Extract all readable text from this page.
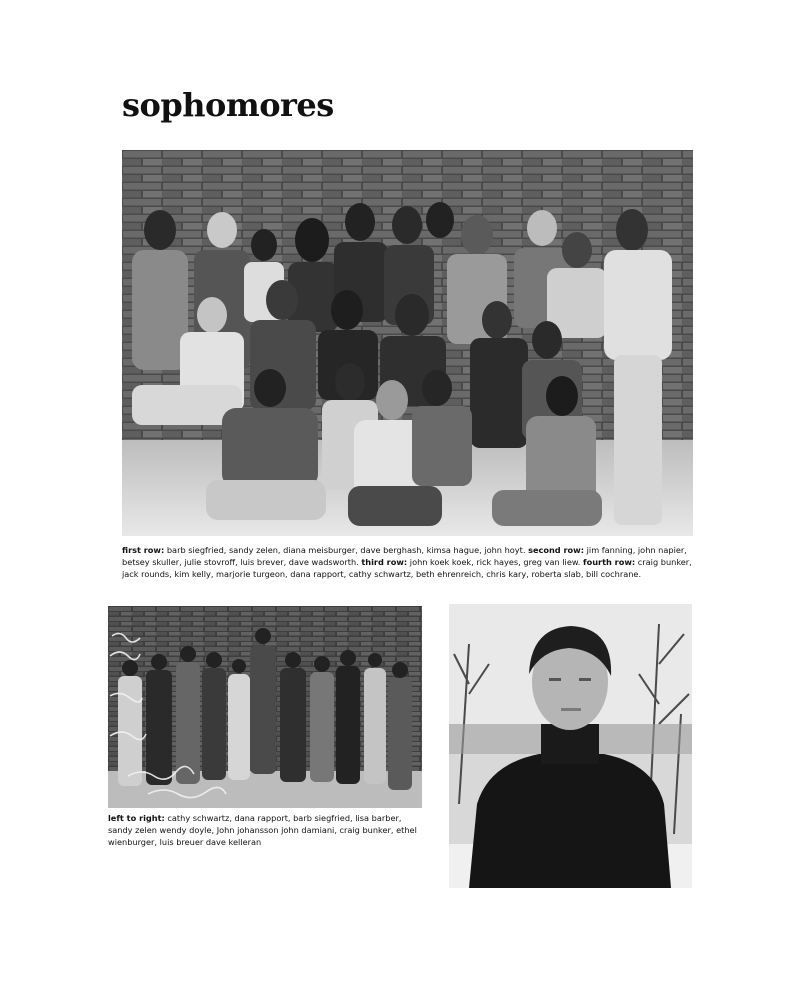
sophomores

first row: barb siegfried, sandy zelen, diana meisburger, dave berghash, kimsa hague, john hoyt. second row: jim fanning, john napier, betsey skuller, julie stovroff, luis brever, dave wadsworth. third row: john koek koek, rick hayes, greg van liew. fourth row: craig bunker, jack rounds, kim kelly, marjorie turgeon, dana rapport, cathy schwartz, beth ehrenreich, chris kary, roberta slab, bill cochrane.

left to right: cathy schwartz, dana rapport, barb siegfried, lisa barber, sandy zelen wendy doyle, John johansson john damiani, craig bunker, ethel wienburger, luis breuer dave kelleran
